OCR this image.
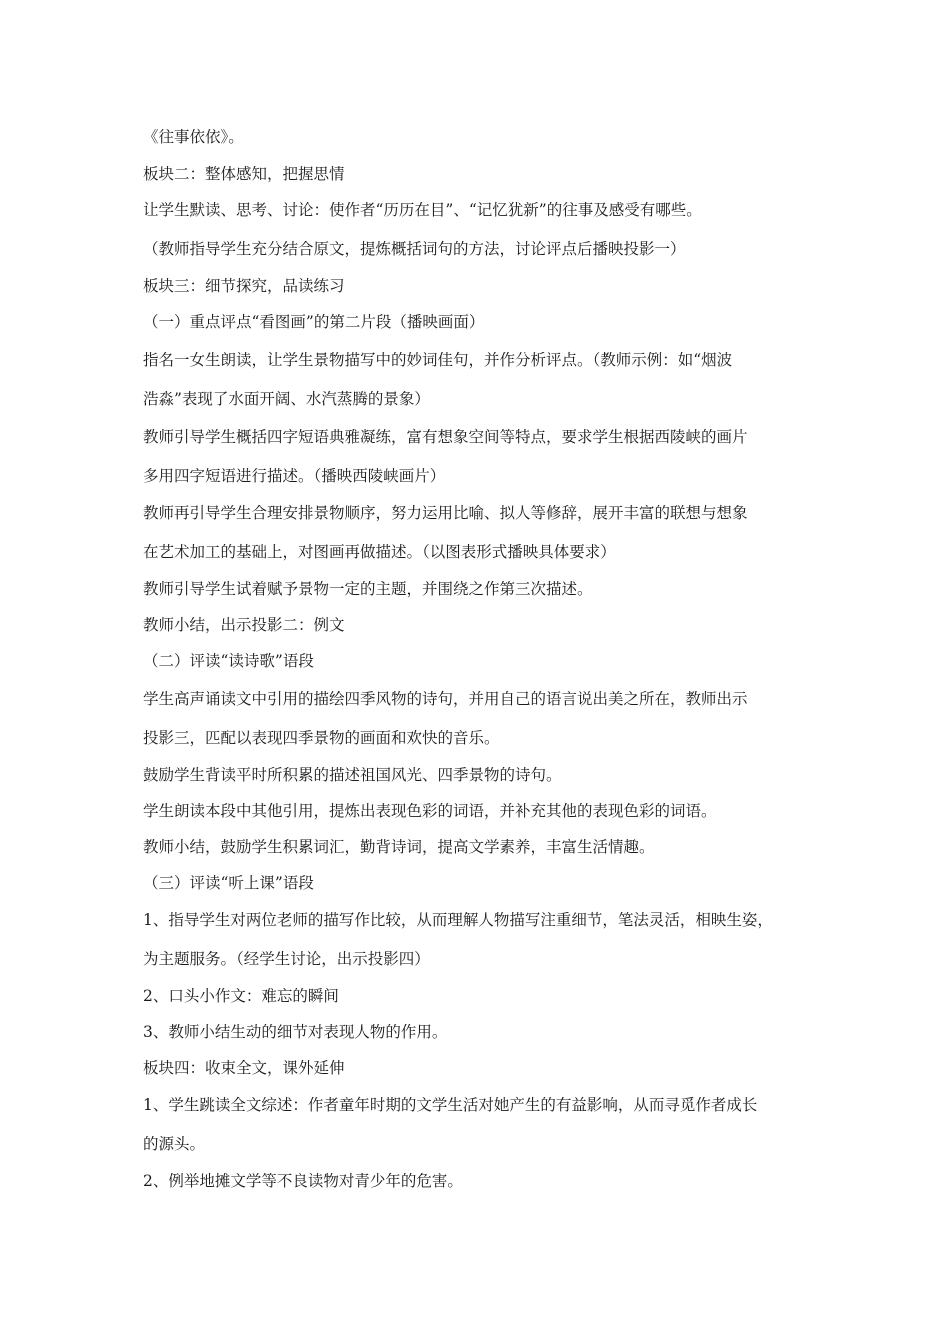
《往事依依》。

板块二：整体感知，把握思情

让学生默读、思考、讨论：使作者“历历在目”、“记忆犹新”的往事及感受有哪些。

（教师指导学生充分结合原文，提炼概括词句的方法，讨论评点后播映投影一）

板块三：细节探究，品读练习

（一）重点评点“看图画”的第二片段（播映画面）

指名一女生朗读，让学生景物描写中的妙词佳句，并作分析评点。（教师示例：如“烟波

浩淼”表现了水面开阔、水汽蒸腾的景象）

教师引导学生概括四字短语典雅凝练，富有想象空间等特点，要求学生根据西陵峡的画片

多用四字短语进行描述。（播映西陵峡画片）

教师再引导学生合理安排景物顺序，努力运用比喻、拟人等修辞，展开丰富的联想与想象

在艺术加工的基础上，对图画再做描述。（以图表形式播映具体要求）

教师引导学生试着赋予景物一定的主题，并围绕之作第三次描述。

教师小结，出示投影二：例文

（二）评读“读诗歌”语段

学生高声诵读文中引用的描绘四季风物的诗句，并用自己的语言说出美之所在，教师出示

投影三，匹配以表现四季景物的画面和欢快的音乐。

鼓励学生背读平时所积累的描述祖国风光、四季景物的诗句。

学生朗读本段中其他引用，提炼出表现色彩的词语，并补充其他的表现色彩的词语。

教师小结，鼓励学生积累词汇，勤背诗词，提高文学素养，丰富生活情趣。

（三）评读“听上课”语段

1、指导学生对两位老师的描写作比较，从而理解人物描写注重细节，笔法灵活，相映生姿，

为主题服务。（经学生讨论，出示投影四）

2、口头小作文：难忘的瞬间

3、教师小结生动的细节对表现人物的作用。

板块四：收束全文，课外延伸

1、学生跳读全文综述：作者童年时期的文学生活对她产生的有益影响，从而寻觅作者成长

的源头。

2、例举地摊文学等不良读物对青少年的危害。
